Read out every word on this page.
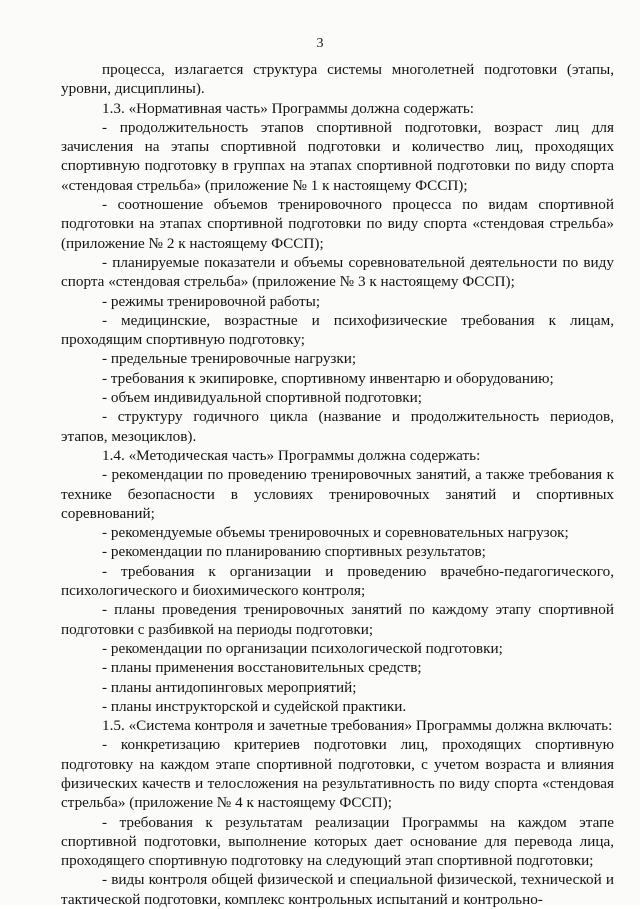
3

процесса, излагается структура системы многолетней подготовки (этапы, уровни, дисциплины).

1.3. «Нормативная часть» Программы должна содержать:

- продолжительность этапов спортивной подготовки, возраст лиц для зачисления на этапы спортивной подготовки и количество лиц, проходящих спортивную подготовку в группах на этапах спортивной подготовки по виду спорта «стендовая стрельба» (приложение № 1 к настоящему ФССП);

- соотношение объемов тренировочного процесса по видам спортивной подготовки на этапах спортивной подготовки по виду спорта «стендовая стрельба» (приложение № 2 к настоящему ФССП);

- планируемые показатели и объемы соревновательной деятельности по виду спорта «стендовая стрельба» (приложение № 3 к настоящему ФССП);

- режимы тренировочной работы;

- медицинские, возрастные и психофизические требования к лицам, проходящим спортивную подготовку;

- предельные тренировочные нагрузки;

- требования к экипировке, спортивному инвентарю и оборудованию;

- объем индивидуальной спортивной подготовки;

- структуру годичного цикла (название и продолжительность периодов, этапов, мезоциклов).

1.4. «Методическая часть» Программы должна содержать:

- рекомендации по проведению тренировочных занятий, а также требования к технике безопасности в условиях тренировочных занятий и спортивных соревнований;

- рекомендуемые объемы тренировочных и соревновательных нагрузок;

- рекомендации по планированию спортивных результатов;

- требования к организации и проведению врачебно-педагогического, психологического и биохимического контроля;

- планы проведения тренировочных занятий по каждому этапу спортивной подготовки с разбивкой на периоды подготовки;

- рекомендации по организации психологической подготовки;

- планы применения восстановительных средств;

- планы антидопинговых мероприятий;

- планы инструкторской и судейской практики.

1.5. «Система контроля и зачетные требования» Программы должна включать:

- конкретизацию критериев подготовки лиц, проходящих спортивную подготовку на каждом этапе спортивной подготовки, с учетом возраста и влияния физических качеств и телосложения на результативность по виду спорта «стендовая стрельба» (приложение № 4 к настоящему ФССП);

- требования к результатам реализации Программы на каждом этапе спортивной подготовки, выполнение которых дает основание для перевода лица, проходящего спортивную подготовку на следующий этап спортивной подготовки;

- виды контроля общей физической и специальной физической, технической и тактической подготовки, комплекс контрольных испытаний и контрольно-
